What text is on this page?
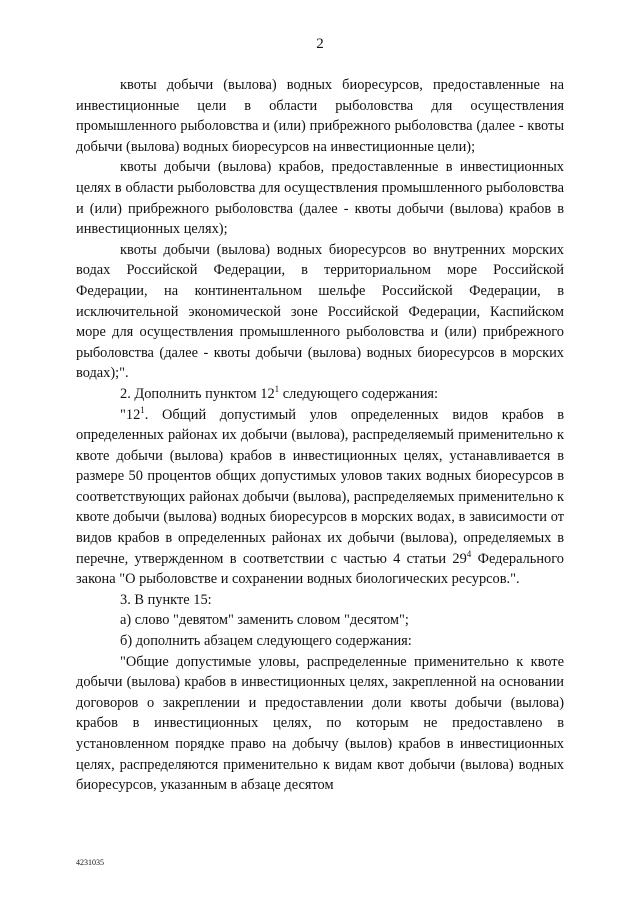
2

квоты добычи (вылова) водных биоресурсов, предоставленные на инвестиционные цели в области рыболовства для осуществления промышленного рыболовства и (или) прибрежного рыболовства (далее - квоты добычи (вылова) водных биоресурсов на инвестиционные цели);

квоты добычи (вылова) крабов, предоставленные в инвестиционных целях в области рыболовства для осуществления промышленного рыболовства и (или) прибрежного рыболовства (далее - квоты добычи (вылова) крабов в инвестиционных целях);

квоты добычи (вылова) водных биоресурсов во внутренних морских водах Российской Федерации, в территориальном море Российской Федерации, на континентальном шельфе Российской Федерации, в исключительной экономической зоне Российской Федерации, Каспийском море для осуществления промышленного рыболовства и (или) прибрежного рыболовства (далее - квоты добычи (вылова) водных биоресурсов в морских водах);".

2. Дополнить пунктом $12^1$ следующего содержания:

"$12^1$. Общий допустимый улов определенных видов крабов в определенных районах их добычи (вылова), распределяемый применительно к квоте добычи (вылова) крабов в инвестиционных целях, устанавливается в размере 50 процентов общих допустимых уловов таких водных биоресурсов в соответствующих районах добычи (вылова), распределяемых применительно к квоте добычи (вылова) водных биоресурсов в морских водах, в зависимости от видов крабов в определенных районах их добычи (вылова), определяемых в перечне, утвержденном в соответствии с частью 4 статьи $29^4$ Федерального закона "О рыболовстве и сохранении водных биологических ресурсов.".

3. В пункте 15:

а) слово "девятом" заменить словом "десятом";

б) дополнить абзацем следующего содержания:

"Общие допустимые уловы, распределенные применительно к квоте добычи (вылова) крабов в инвестиционных целях, закрепленной на основании договоров о закреплении и предоставлении доли квоты добычи (вылова) крабов в инвестиционных целях, по которым не предоставлено в установленном порядке право на добычу (вылов) крабов в инвестиционных целях, распределяются применительно к видам квот добычи (вылова) водных биоресурсов, указанным в абзаце десятом

4231035
